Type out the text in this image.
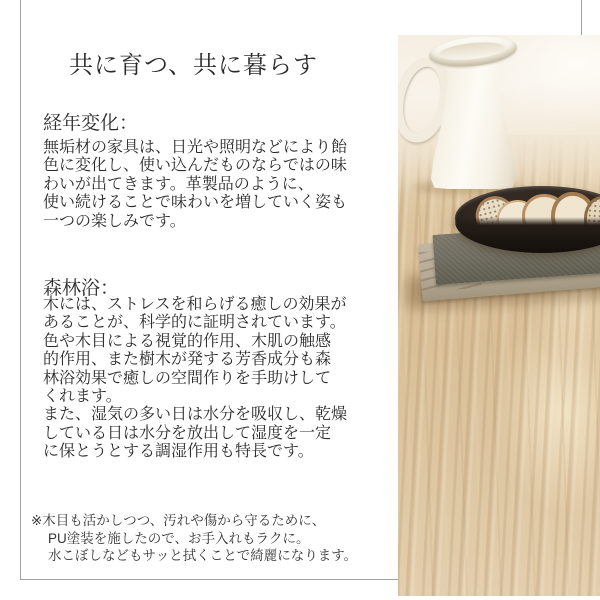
共に育つ、共に暮らす
経年変化：
無垢材の家具は、日光や照明などにより飴
色に変化し、使い込んだものならではの味
わいが出てきます。革製品のように、
使い続けることで味わいを増していく姿も
一つの楽しみです。
森林浴：
木には、ストレスを和らげる癒しの効果が
あることが、科学的に証明されています。
色や木目による視覚的作用、木肌の触感
的作用、また樹木が発する芳香成分も森
林浴効果で癒しの空間作りを手助けして
くれます。
また、湿気の多い日は水分を吸収し、乾燥
している日は水分を放出して湿度を一定
に保とうとする調湿作用も特長です。
※木目も活かしつつ、汚れや傷から守るために、
PU塗装を施したので、お手入れもラクに。
水こぼしなどもサッと拭くことで綺麗になります。
